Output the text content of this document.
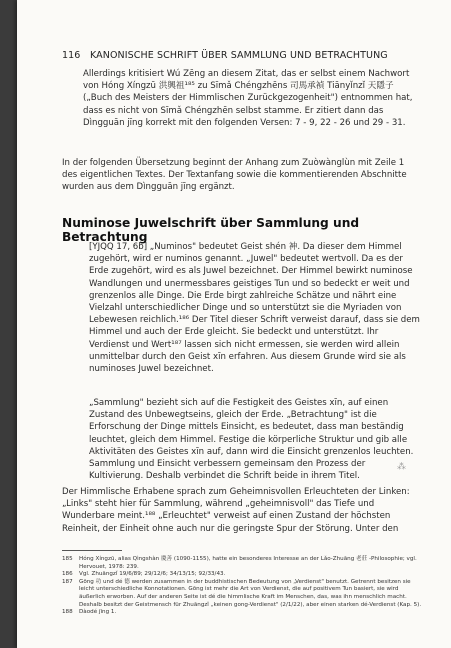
116	KANONISCHE SCHRIFT ÜBER SAMMLUNG UND BETRACHTUNG
Allerdings kritisiert Wú Zēng an diesem Zitat, das er selbst einem Nachwort von Hóng Xíngzū 洪興祖¹⁸⁵ zu Sīmǎ Chéngzhēns 司馬承禎 Tiānyǐnzǐ 天隱子 („Buch des Meisters der Himmlischen Zurückgezogenheit") entnommen hat, dass es nicht von Sīmǎ Chéngzhēn selbst stamme. Er zitiert dann das Dìngguān jīng korrekt mit den folgenden Versen: 7 - 9, 22 - 26 und 29 - 31.
In der folgenden Übersetzung beginnt der Anhang zum Zuòwànglùn mit Zeile 1 des eigentlichen Textes. Der Textanfang sowie die kommentierenden Abschnitte wurden aus dem Dìngguān jīng ergänzt.
Numinose Juwelschrift über Sammlung und Betrachtung
[YJQQ 17, 6b] „Numinos" bedeutet Geist shén 神. Da dieser dem Himmel zugehört, wird er numinos genannt. „Juwel" bedeutet wertvoll. Da es der Erde zugehört, wird es als Juwel bezeichnet. Der Himmel bewirkt numinose Wandlungen und unermessbares geistiges Tun und so bedeckt er weit und grenzenlos alle Dinge. Die Erde birgt zahlreiche Schätze und nährt eine Vielzahl unterschiedlicher Dinge und so unterstützt sie die Myriaden von Lebewesen reichlich.¹⁸⁶ Der Titel dieser Schrift verweist darauf, dass sie dem Himmel und auch der Erde gleicht. Sie bedeckt und unterstützt. Ihr Verdienst und Wert¹⁸⁷ lassen sich nicht ermessen, sie werden wird allein unmittelbar durch den Geist xīn erfahren. Aus diesem Grunde wird sie als numinoses Juwel bezeichnet.
„Sammlung" bezieht sich auf die Festigkeit des Geistes xīn, auf einen Zustand des Unbewegtseins, gleich der Erde. „Betrachtung" ist die Erforschung der Dinge mittels Einsicht, es bedeutet, dass man beständig leuchtet, gleich dem Himmel. Festige die körperliche Struktur und gib alle Aktivitäten des Geistes xīn auf, dann wird die Einsicht grenzenlos leuchten. Sammlung und Einsicht verbessern gemeinsam den Prozess der Kultivierung. Deshalb verbindet die Schrift beide in ihrem Titel.
⁂
Der Himmlische Erhabene sprach zum Geheimnisvollen Erleuchteten der Linken: „Links" steht hier für Sammlung, während „geheimnisvoll" das Tiefe und Wunderbare meint.¹⁸⁸ „Erleuchtet" verweist auf einen Zustand der höchsten Reinheit, der Einheit ohne auch nur die geringste Spur der Störung. Unter den
185	Hóng Xíngzū, alias Qìngshàn 慶善 (1090-1155), hatte ein besonderes Interesse an der Lǎo-Zhuāng 老莊 -Philosophie; vgl. Hervouet, 1978: 239.
186	Vgl. Zhuāngzǐ 19/6/89; 29/12/6; 34/13/15; 92/33/43.
187	Gōng 功 und dé 德 werden zusammen in der buddhistischen Bedeutung von „Verdienst" benutzt. Getrennt besitzen sie leicht unterschiedliche Konnotationen. Gōng ist mehr die Art von Verdienst, die auf positivem Tun basiert, sie wird äußerlich erworben. Auf der anderen Seite ist dé die himmlische Kraft im Menschen, das, was ihn menschlich macht. Deshalb besitzt der Geistmensch für Zhuāngzǐ „keinen gong-Verdienst" (2/1/22), aber einen starken dé-Verdienst (Kap. 5).
188	Dàodé jīng 1.
